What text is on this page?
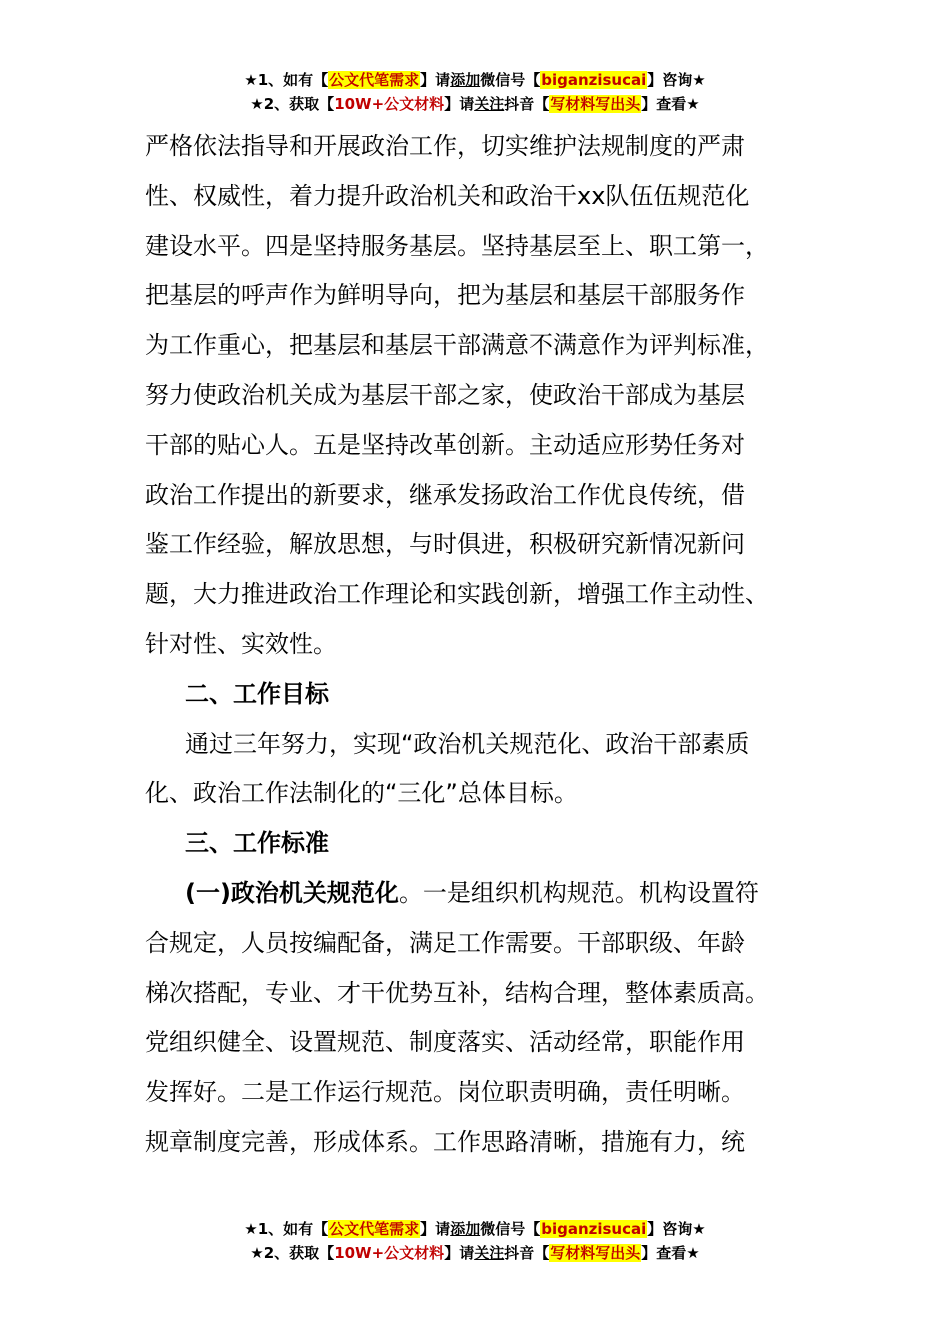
★1、如有【公文代笔需求】请添加微信号【biganzisucai】咨询★
★2、获取【10W+公文材料】请关注抖音【写材料写出头】查看★

严格依法指导和开展政治工作，切实维护法规制度的严肃

性、权威性，着力提升政治机关和政治干xx队伍伍规范化

建设水平。四是坚持服务基层。坚持基层至上、职工第一，

把基层的呼声作为鲜明导向，把为基层和基层干部服务作

为工作重心，把基层和基层干部满意不满意作为评判标准，

努力使政治机关成为基层干部之家，使政治干部成为基层

干部的贴心人。五是坚持改革创新。主动适应形势任务对

政治工作提出的新要求，继承发扬政治工作优良传统，借

鉴工作经验，解放思想，与时俱进，积极研究新情况新问

题，大力推进政治工作理论和实践创新，增强工作主动性、

针对性、实效性。

二、工作目标

通过三年努力，实现“政治机关规范化、政治干部素质

化、政治工作法制化的“三化”总体目标。

三、工作标准

(一)政治机关规范化。一是组织机构规范。机构设置符

合规定，人员按编配备，满足工作需要。干部职级、年龄

梯次搭配，专业、才干优势互补，结构合理，整体素质高。

党组织健全、设置规范、制度落实、活动经常，职能作用

发挥好。二是工作运行规范。岗位职责明确，责任明晰。

规章制度完善，形成体系。工作思路清晰，措施有力，统

★1、如有【公文代笔需求】请添加微信号【biganzisucai】咨询★
★2、获取【10W+公文材料】请关注抖音【写材料写出头】查看★
